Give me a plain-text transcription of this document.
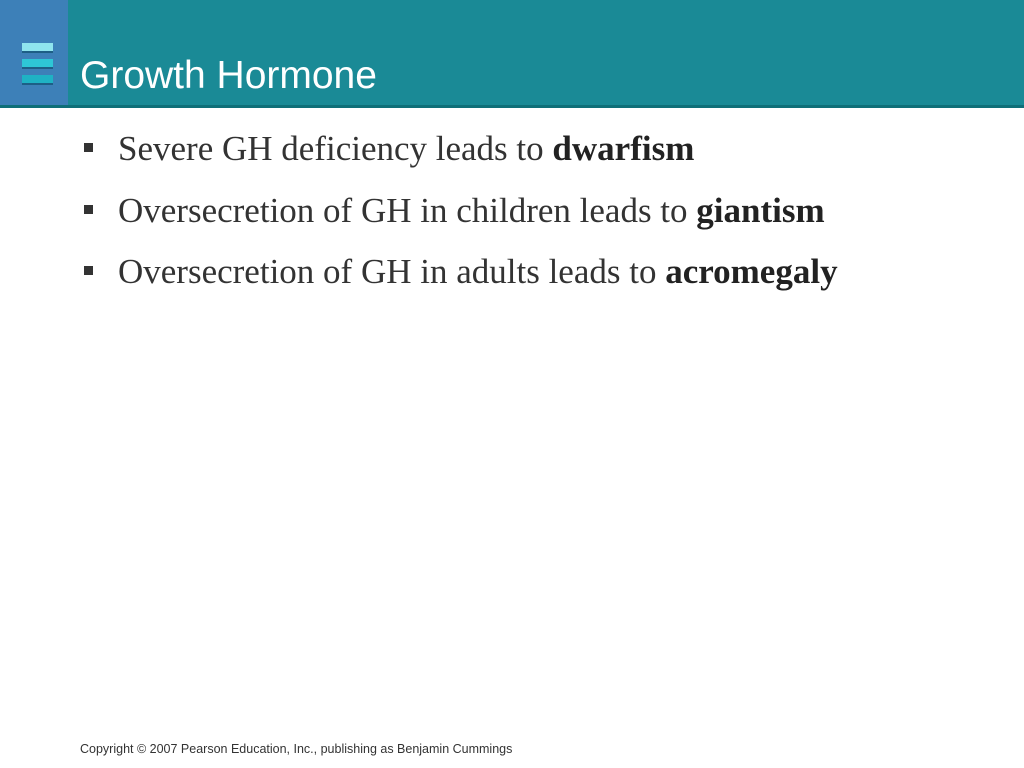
Growth Hormone
Severe GH deficiency leads to dwarfism
Oversecretion of GH in children leads to giantism
Oversecretion of GH in adults leads to acromegaly
Copyright © 2007 Pearson Education, Inc., publishing as Benjamin Cummings
